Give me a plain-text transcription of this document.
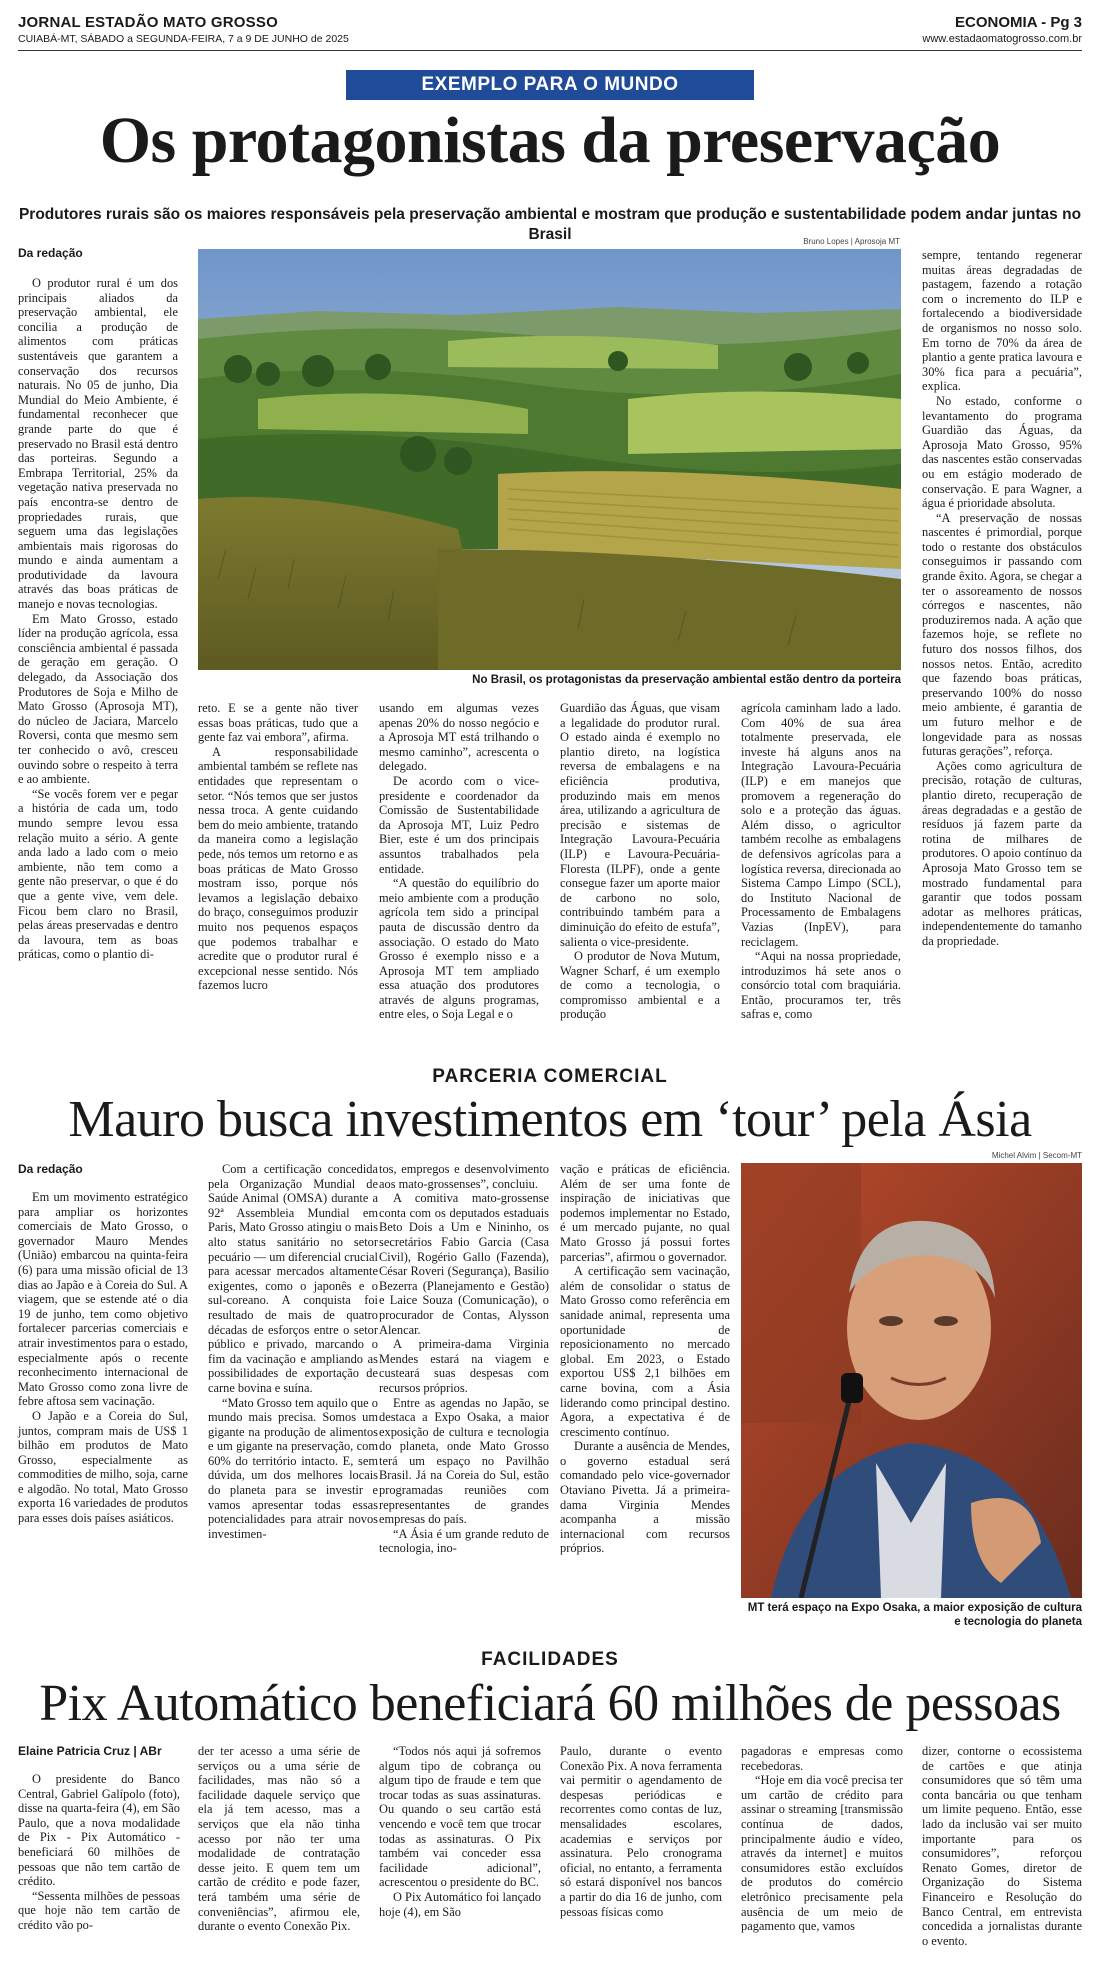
JORNAL ESTADÃO MATO GROSSO
CUIABÁ-MT, SÁBADO a SEGUNDA-FEIRA, 7 a 9 DE JUNHO de 2025
ECONOMIA - Pg 3
www.estadaomatogrosso.com.br
EXEMPLO PARA O MUNDO
Os protagonistas da preservação
Produtores rurais são os maiores responsáveis pela preservação ambiental e mostram que produção e sustentabilidade podem andar juntas no Brasil
Da redação

O produtor rural é um dos principais aliados da preservação ambiental, ele concilia a produção de alimentos com práticas sustentáveis que garantem a conservação dos recursos naturais. No 05 de junho, Dia Mundial do Meio Ambiente, é fundamental reconhecer que grande parte do que é preservado no Brasil está dentro das porteiras. Segundo a Embrapa Territorial, 25% da vegetação nativa preservada no país encontra-se dentro de propriedades rurais, que seguem uma das legislações ambientais mais rigorosas do mundo e ainda aumentam a produtividade da lavoura através das boas práticas de manejo e novas tecnologias.

Em Mato Grosso, estado líder na produção agrícola, essa consciência ambiental é passada de geração em geração. O delegado, da Associação dos Produtores de Soja e Milho de Mato Grosso (Aprosoja MT), do núcleo de Jaciara, Marcelo Roversi, conta que mesmo sem ter conhecido o avô, cresceu ouvindo sobre o respeito à terra e ao ambiente.

“Se vocês forem ver e pegar a história de cada um, todo mundo sempre levou essa relação muito a sério. A gente anda lado a lado com o meio ambiente, não tem como a gente não preservar, o que é do que a gente vive, vem dele. Ficou bem claro no Brasil, pelas áreas preservadas e dentro da lavoura, tem as boas práticas, como o plantio di-

Bruno Lopes | Aprosoja MT
No Brasil, os protagonistas da preservação ambiental estão dentro da porteira

reto. E se a gente não tiver essas boas práticas, tudo que a gente faz vai embora”, afirma.

A responsabilidade ambiental também se reflete nas entidades que representam o setor. “Nós temos que ser justos nessa troca. A gente cuidando bem do meio ambiente, tratando da maneira como a legislação pede, nós temos um retorno e as boas práticas de Mato Grosso mostram isso, porque nós levamos a legislação debaixo do braço, conseguimos produzir muito nos pequenos espaços que podemos trabalhar e acredite que o produtor rural é excepcional nesse sentido. Nós fazemos lucro

usando em algumas vezes apenas 20% do nosso negócio e a Aprosoja MT está trilhando o mesmo caminho”, acrescenta o delegado.

De acordo com o vice-presidente e coordenador da Comissão de Sustentabilidade da Aprosoja MT, Luiz Pedro Bier, este é um dos principais assuntos trabalhados pela entidade.

“A questão do equilíbrio do meio ambiente com a produção agrícola tem sido a principal pauta de discussão dentro da associação. O estado do Mato Grosso é exemplo nisso e a Aprosoja MT tem ampliado essa atuação dos produtores através de alguns programas, entre eles, o Soja Legal e o

Guardião das Águas, que visam a legalidade do produtor rural. O estado ainda é exemplo no plantio direto, na logística reversa de embalagens e na eficiência produtiva, produzindo mais em menos área, utilizando a agricultura de precisão e sistemas de Integração Lavoura-Pecuária (ILP) e Lavoura-Pecuária-Floresta (ILPF), onde a gente consegue fazer um aporte maior de carbono no solo, contribuindo também para a diminuição do efeito de estufa”, salienta o vice-presidente.

O produtor de Nova Mutum, Wagner Scharf, é um exemplo de como a tecnologia, o compromisso ambiental e a produção

agrícola caminham lado a lado. Com 40% de sua área totalmente preservada, ele investe há alguns anos na Integração Lavoura-Pecuária (ILP) e em manejos que promovem a regeneração do solo e a proteção das águas. Além disso, o agricultor também recolhe as embalagens de defensivos agrícolas para a logística reversa, direcionada ao Sistema Campo Limpo (SCL), do Instituto Nacional de Processamento de Embalagens Vazias (InpEV), para reciclagem.

“Aqui na nossa propriedade, introduzimos há sete anos o consórcio total com braquiária. Então, procuramos ter, três safras e, como

sempre, tentando regenerar muitas áreas degradadas de pastagem, fazendo a rotação com o incremento do ILP e fortalecendo a biodiversidade de organismos no nosso solo. Em torno de 70% da área de plantio a gente pratica lavoura e 30% fica para a pecuária”, explica.

No estado, conforme o levantamento do programa Guardião das Águas, da Aprosoja Mato Grosso, 95% das nascentes estão conservadas ou em estágio moderado de conservação. E para Wagner, a água é prioridade absoluta.

“A preservação de nossas nascentes é primordial, porque todo o restante dos obstáculos conseguimos ir passando com grande êxito. Agora, se chegar a ter o assoreamento de nossos córregos e nascentes, não produziremos nada. A ação que fazemos hoje, se reflete no futuro dos nossos filhos, dos nossos netos. Então, acredito que fazendo boas práticas, preservando 100% do nosso meio ambiente, é garantia de um futuro melhor e de longevidade para as nossas futuras gerações”, reforça.

Ações como agricultura de precisão, rotação de culturas, plantio direto, recuperação de áreas degradadas e a gestão de resíduos já fazem parte da rotina de milhares de produtores. O apoio contínuo da Aprosoja Mato Grosso tem se mostrado fundamental para garantir que todos possam adotar as melhores práticas, independentemente do tamanho da propriedade.

PARCERIA COMERCIAL
Mauro busca investimentos em ‘tour’ pela Ásia
Da redação

Em um movimento estratégico para ampliar os horizontes comerciais de Mato Grosso, o governador Mauro Mendes (União) embarcou na quinta-feira (6) para uma missão oficial de 13 dias ao Japão e à Coreia do Sul. A viagem, que se estende até o dia 19 de junho, tem como objetivo fortalecer parcerias comerciais e atrair investimentos para o estado, especialmente após o recente reconhecimento internacional de Mato Grosso como zona livre de febre aftosa sem vacinação.

O Japão e a Coreia do Sul, juntos, compram mais de US$ 1 bilhão em produtos de Mato Grosso, especialmente as commodities de milho, soja, carne e algodão. No total, Mato Grosso exporta 16 variedades de produtos para esses dois países asiáticos.

Com a certificação concedida pela Organização Mundial de Saúde Animal (OMSA) durante a 92ª Assembleia Mundial em Paris, Mato Grosso atingiu o mais alto status sanitário no setor pecuário — um diferencial crucial para acessar mercados altamente exigentes, como o japonês e o sul-coreano. A conquista foi resultado de mais de quatro décadas de esforços entre o setor público e privado, marcando o fim da vacinação e ampliando as possibilidades de exportação de carne bovina e suína.

“Mato Grosso tem aquilo que o mundo mais precisa. Somos um gigante na produção de alimentos e um gigante na preservação, com 60% do território intacto. E, sem dúvida, um dos melhores locais do planeta para se investir e vamos apresentar todas essas potencialidades para atrair novos investimen-

tos, empregos e desenvolvimento aos mato-grossenses”, concluiu.

A comitiva mato-grossense conta com os deputados estaduais Beto Dois a Um e Nininho, os secretários Fabio Garcia (Casa Civil), Rogério Gallo (Fazenda), César Roveri (Segurança), Basilio Bezerra (Planejamento e Gestão) e Laice Souza (Comunicação), o procurador de Contas, Alysson Alencar.

A primeira-dama Virginia Mendes estará na viagem e custeará suas despesas com recursos próprios.

Entre as agendas no Japão, se destaca a Expo Osaka, a maior exposição de cultura e tecnologia do planeta, onde Mato Grosso terá um espaço no Pavilhão Brasil. Já na Coreia do Sul, estão programadas reuniões com representantes de grandes empresas do país.

“A Ásia é um grande reduto de tecnologia, ino-

vação e práticas de eficiência. Além de ser uma fonte de inspiração de iniciativas que podemos implementar no Estado, é um mercado pujante, no qual Mato Grosso já possui fortes parcerias”, afirmou o governador.

A certificação sem vacinação, além de consolidar o status de Mato Grosso como referência em sanidade animal, representa uma oportunidade de reposicionamento no mercado global. Em 2023, o Estado exportou US$ 2,1 bilhões em carne bovina, com a Ásia liderando como principal destino. Agora, a expectativa é de crescimento contínuo.

Durante a ausência de Mendes, o governo estadual será comandado pelo vice-governador Otaviano Pivetta. Já a primeira-dama Virginia Mendes acompanha a missão internacional com recursos próprios.

Michel Alvim | Secom-MT
MT terá espaço na Expo Osaka, a maior exposição de cultura e tecnologia do planeta
FACILIDADES
Pix Automático beneficiará 60 milhões de pessoas
Elaine Patricia Cruz | ABr

O presidente do Banco Central, Gabriel Galípolo (foto), disse na quarta-feira (4), em São Paulo, que a nova modalidade de Pix - Pix Automático - beneficiará 60 milhões de pessoas que não tem cartão de crédito.

“Sessenta milhões de pessoas que hoje não tem cartão de crédito vão po-

der ter acesso a uma série de serviços ou a uma série de facilidades, mas não só a facilidade daquele serviço que ela já tem acesso, mas a serviços que ela não tinha acesso por não ter uma modalidade de contratação desse jeito. E quem tem um cartão de crédito e pode fazer, terá também uma série de conveniências”, afirmou ele, durante o evento Conexão Pix.

“Todos nós aqui já sofremos algum tipo de cobrança ou algum tipo de fraude e tem que trocar todas as suas assinaturas. Ou quando o seu cartão está vencendo e você tem que trocar todas as assinaturas. O Pix também vai conceder essa facilidade adicional”, acrescentou o presidente do BC.

O Pix Automático foi lançado hoje (4), em São

Paulo, durante o evento Conexão Pix. A nova ferramenta vai permitir o agendamento de despesas periódicas e recorrentes como contas de luz, mensalidades escolares, academias e serviços por assinatura. Pelo cronograma oficial, no entanto, a ferramenta só estará disponível nos bancos a partir do dia 16 de junho, com pessoas físicas como

pagadoras e empresas como recebedoras.

“Hoje em dia você precisa ter um cartão de crédito para assinar o streaming [transmissão contínua de dados, principalmente áudio e vídeo, através da internet] e muitos consumidores estão excluídos de produtos do comércio eletrônico precisamente pela ausência de um meio de pagamento que, vamos

dizer, contorne o ecossistema de cartões e que atinja consumidores que só têm uma conta bancária ou que tenham um limite pequeno. Então, esse lado da inclusão vai ser muito importante para os consumidores”, reforçou Renato Gomes, diretor de Organização do Sistema Financeiro e Resolução do Banco Central, em entrevista concedida a jornalistas durante o evento.
